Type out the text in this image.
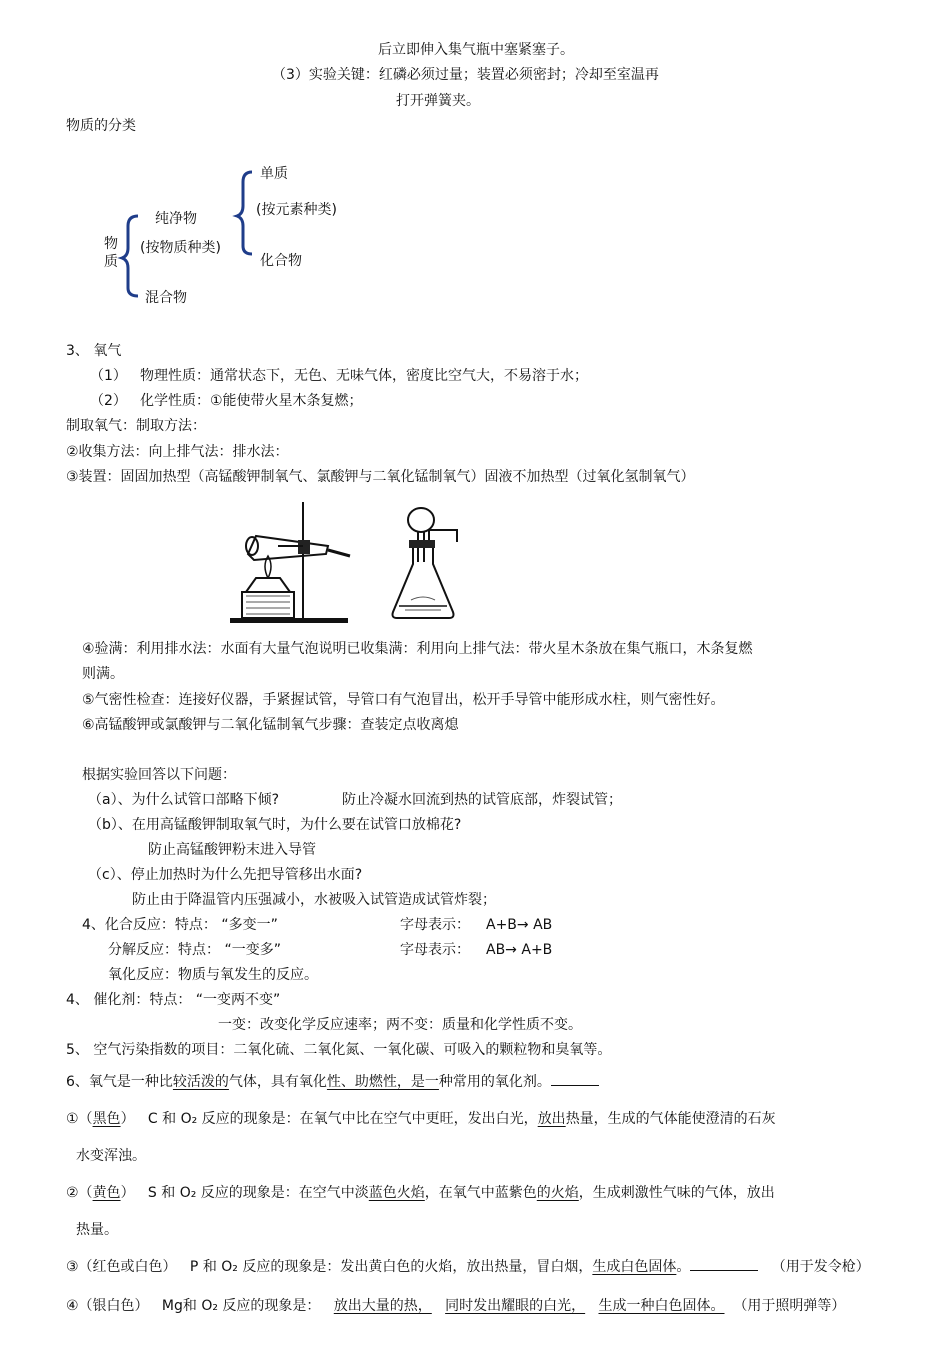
后立即伸入集气瓶中塞紧塞子。
（3）实验关键：红磷必须过量；装置必须密封；冷却至室温再
打开弹簧夹。
物质的分类
物
质
纯净物
(按物质种类)
混合物
单质
(按元素种类)
化合物
3、 氧气
（1） 物理性质：通常状态下，无色、无味气体，密度比空气大，不易溶于水；
（2） 化学性质：①能使带火星木条复燃；
制取氧气：制取方法：
②收集方法：向上排气法：排水法：
③装置：固固加热型（高锰酸钾制氧气、氯酸钾与二氧化锰制氧气）固液不加热型（过氧化氢制氧气）
④验满：利用排水法：水面有大量气泡说明已收集满：利用向上排气法：带火星木条放在集气瓶口，木条复燃
则满。
⑤气密性检查：连接好仪器，手紧握试管，导管口有气泡冒出，松开手导管中能形成水柱，则气密性好。
⑥高锰酸钾或氯酸钾与二氧化锰制氧气步骤：查装定点收离熄
根据实验回答以下问题：
（a）、为什么试管口部略下倾?	防止冷凝水回流到热的试管底部，炸裂试管；
（b）、在用高锰酸钾制取氧气时，为什么要在试管口放棉花?
防止高锰酸钾粉末进入导管
（c）、停止加热时为什么先把导管移出水面?
防止由于降温管内压强减小，水被吸入试管造成试管炸裂；
4、化合反应：特点： “多变一”	字母表示： A+B→ AB
分解反应：特点： “一变多”	字母表示： AB→ A+B
氧化反应：物质与氧发生的反应。
4、 催化剂：特点： “一变两不变”
一变：改变化学反应速率；两不变：质量和化学性质不变。
5、 空气污染指数的项目：二氧化硫、二氧化氮、一氧化碳、可吸入的颗粒物和臭氧等。
6、氧气是一种比较活泼的气体，具有氧化性、助燃性，是一种常用的氧化剂。
①（黑色） C 和 O₂ 反应的现象是：在氧气中比在空气中更旺，发出白光，放出热量，生成的气体能使澄清的石灰
水变浑浊。
②（黄色） S 和 O₂ 反应的现象是：在空气中淡蓝色火焰，在氧气中蓝紫色的火焰，生成刺激性气味的气体，放出
热量。
③（红色或白色） P 和 O₂ 反应的现象是：发出黄白色的火焰，放出热量，冒白烟，生成白色固体。	（用于发令枪）
④（银白色） Mg和 O₂ 反应的现象是： 放出大量的热， 同时发出耀眼的白光， 生成一种白色固体。 （用于照明弹等）
